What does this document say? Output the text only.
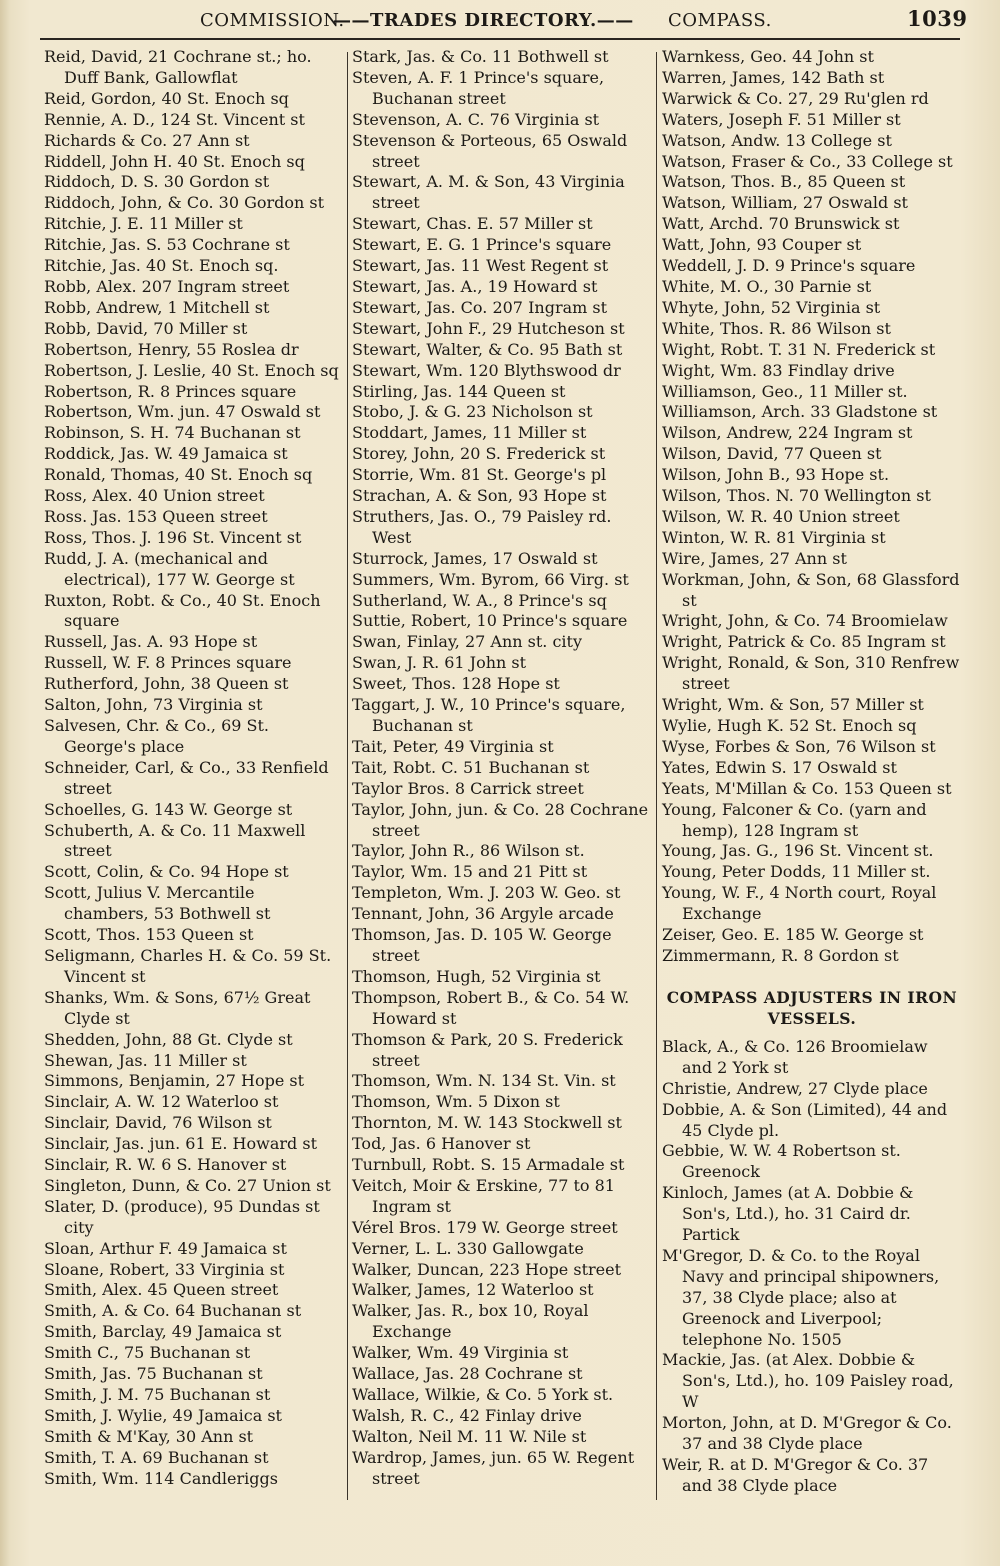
COMMISSION.
——TRADES DIRECTORY.—— COMPASS.	1039
Reid, David, 21 Cochrane st.; ho. Duff Bank, Gallowflat
Reid, Gordon, 40 St. Enoch sq
Rennie, A. D., 124 St. Vincent st
Richards & Co. 27 Ann st
Riddell, John H. 40 St. Enoch sq
Riddoch, D. S. 30 Gordon st
Riddoch, John, & Co. 30 Gordon st
Ritchie, J. E. 11 Miller st
Ritchie, Jas. S. 53 Cochrane st
Ritchie, Jas. 40 St. Enoch sq.
Robb, Alex. 207 Ingram street
Robb, Andrew, 1 Mitchell st
Robb, David, 70 Miller st
Robertson, Henry, 55 Roslea dr
Robertson, J. Leslie, 40 St. Enoch sq
Robertson, R. 8 Princes square
Robertson, Wm. jun. 47 Oswald st
Robinson, S. H. 74 Buchanan st
Roddick, Jas. W. 49 Jamaica st
Ronald, Thomas, 40 St. Enoch sq
Ross, Alex. 40 Union street
Ross. Jas. 153 Queen street
Ross, Thos. J. 196 St. Vincent st
Rudd, J. A. (mechanical and electrical), 177 W. George st
Ruxton, Robt. & Co., 40 St. Enoch square
Russell, Jas. A. 93 Hope st
Russell, W. F. 8 Princes square
Rutherford, John, 38 Queen st
Salton, John, 73 Virginia st
Salvesen, Chr. & Co., 69 St. George's place
Schneider, Carl, & Co., 33 Renfield street
Schoelles, G. 143 W. George st
Schuberth, A. & Co. 11 Maxwell street
Scott, Colin, & Co. 94 Hope st
Scott, Julius V. Mercantile chambers, 53 Bothwell st
Scott, Thos. 153 Queen st
Seligmann, Charles H. & Co. 59 St. Vincent st
Shanks, Wm. & Sons, 67½ Great Clyde st
Shedden, John, 88 Gt. Clyde st
Shewan, Jas. 11 Miller st
Simmons, Benjamin, 27 Hope st
Sinclair, A. W. 12 Waterloo st
Sinclair, David, 76 Wilson st
Sinclair, Jas. jun. 61 E. Howard st
Sinclair, R. W. 6 S. Hanover st
Singleton, Dunn, & Co. 27 Union st
Slater, D. (produce), 95 Dundas st city
Sloan, Arthur F. 49 Jamaica st
Sloane, Robert, 33 Virginia st
Smith, Alex. 45 Queen street
Smith, A. & Co. 64 Buchanan st
Smith, Barclay, 49 Jamaica st
Smith C., 75 Buchanan st
Smith, Jas. 75 Buchanan st
Smith, J. M. 75 Buchanan st
Smith, J. Wylie, 49 Jamaica st
Smith & M'Kay, 30 Ann st
Smith, T. A. 69 Buchanan st
Smith, Wm. 114 Candleriggs
Stark, Jas. & Co. 11 Bothwell st
Steven, A. F. 1 Prince's square, Buchanan street
Stevenson, A. C. 76 Virginia st
Stevenson & Porteous, 65 Oswald street
Stewart, A. M. & Son, 43 Virginia street
Stewart, Chas. E. 57 Miller st
Stewart, E. G. 1 Prince's square
Stewart, Jas. 11 West Regent st
Stewart, Jas. A., 19 Howard st
Stewart, Jas. Co. 207 Ingram st
Stewart, John F., 29 Hutcheson st
Stewart, Walter, & Co. 95 Bath st
Stewart, Wm. 120 Blythswood dr
Stirling, Jas. 144 Queen st
Stobo, J. & G. 23 Nicholson st
Stoddart, James, 11 Miller st
Storey, John, 20 S. Frederick st
Storrie, Wm. 81 St. George's pl
Strachan, A. & Son, 93 Hope st
Struthers, Jas. O., 79 Paisley rd. West
Sturrock, James, 17 Oswald st
Summers, Wm. Byrom, 66 Virg. st
Sutherland, W. A., 8 Prince's sq
Suttie, Robert, 10 Prince's square
Swan, Finlay, 27 Ann st. city
Swan, J. R. 61 John st
Sweet, Thos. 128 Hope st
Taggart, J. W., 10 Prince's square, Buchanan st
Tait, Peter, 49 Virginia st
Tait, Robt. C. 51 Buchanan st
Taylor Bros. 8 Carrick street
Taylor, John, jun. & Co. 28 Cochrane street
Taylor, John R., 86 Wilson st.
Taylor, Wm. 15 and 21 Pitt st
Templeton, Wm. J. 203 W. Geo. st
Tennant, John, 36 Argyle arcade
Thomson, Jas. D. 105 W. George street
Thomson, Hugh, 52 Virginia st
Thompson, Robert B., & Co. 54 W. Howard st
Thomson & Park, 20 S. Frederick street
Thomson, Wm. N. 134 St. Vin. st
Thomson, Wm. 5 Dixon st
Thornton, M. W. 143 Stockwell st
Tod, Jas. 6 Hanover st
Turnbull, Robt. S. 15 Armadale st
Veitch, Moir & Erskine, 77 to 81 Ingram st
Vérel Bros. 179 W. George street
Verner, L. L. 330 Gallowgate
Walker, Duncan, 223 Hope street
Walker, James, 12 Waterloo st
Walker, Jas. R., box 10, Royal Exchange
Walker, Wm. 49 Virginia st
Wallace, Jas. 28 Cochrane st
Wallace, Wilkie, & Co. 5 York st.
Walsh, R. C., 42 Finlay drive
Walton, Neil M. 11 W. Nile st
Wardrop, James, jun. 65 W. Regent street
Warnkess, Geo. 44 John st
Warren, James, 142 Bath st
Warwick & Co. 27, 29 Ru'glen rd
Waters, Joseph F. 51 Miller st
Watson, Andw. 13 College st
Watson, Fraser & Co., 33 College st
Watson, Thos. B., 85 Queen st
Watson, William, 27 Oswald st
Watt, Archd. 70 Brunswick st
Watt, John, 93 Couper st
Weddell, J. D. 9 Prince's square
White, M. O., 30 Parnie st
Whyte, John, 52 Virginia st
White, Thos. R. 86 Wilson st
Wight, Robt. T. 31 N. Frederick st
Wight, Wm. 83 Findlay drive
Williamson, Geo., 11 Miller st.
Williamson, Arch. 33 Gladstone st
Wilson, Andrew, 224 Ingram st
Wilson, David, 77 Queen st
Wilson, John B., 93 Hope st.
Wilson, Thos. N. 70 Wellington st
Wilson, W. R. 40 Union street
Winton, W. R. 81 Virginia st
Wire, James, 27 Ann st
Workman, John, & Son, 68 Glassford st
Wright, John, & Co. 74 Broomielaw
Wright, Patrick & Co. 85 Ingram st
Wright, Ronald, & Son, 310 Renfrew street
Wright, Wm. & Son, 57 Miller st
Wylie, Hugh K. 52 St. Enoch sq
Wyse, Forbes & Son, 76 Wilson st
Yates, Edwin S. 17 Oswald st
Yeats, M'Millan & Co. 153 Queen st
Young, Falconer & Co. (yarn and hemp), 128 Ingram st
Young, Jas. G., 196 St. Vincent st.
Young, Peter Dodds, 11 Miller st.
Young, W. F., 4 North court, Royal Exchange
Zeiser, Geo. E. 185 W. George st
Zimmermann, R. 8 Gordon st
COMPASS ADJUSTERS IN IRON VESSELS.
Black, A., & Co. 126 Broomielaw and 2 York st
Christie, Andrew, 27 Clyde place
Dobbie, A. & Son (Limited), 44 and 45 Clyde pl.
Gebbie, W. W. 4 Robertson st. Greenock
Kinloch, James (at A. Dobbie & Son's, Ltd.), ho. 31 Caird dr. Partick
M'Gregor, D. & Co. to the Royal Navy and principal shipowners, 37, 38 Clyde place; also at Greenock and Liverpool; telephone No. 1505
Mackie, Jas. (at Alex. Dobbie & Son's, Ltd.), ho. 109 Paisley road, W
Morton, John, at D. M'Gregor & Co. 37 and 38 Clyde place
Weir, R. at D. M'Gregor & Co. 37 and 38 Clyde place
